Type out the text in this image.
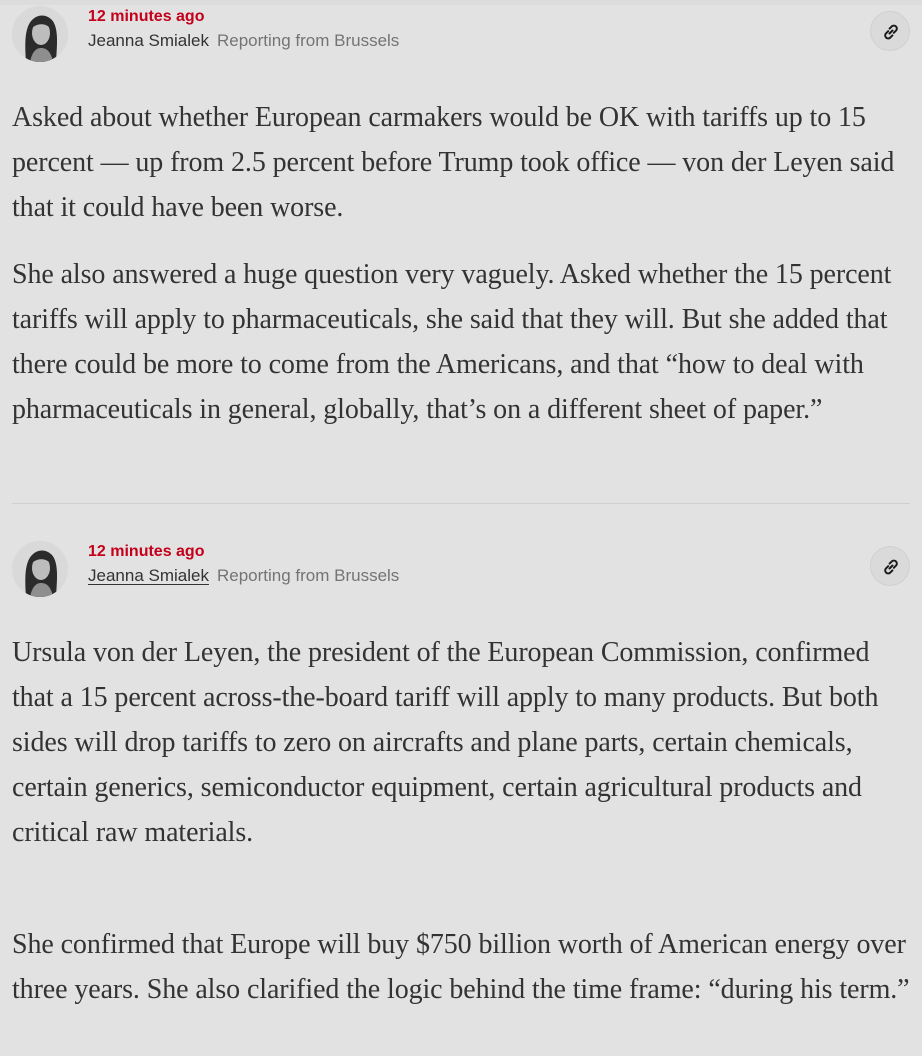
12 minutes ago
Jeanna Smialek Reporting from Brussels

Asked about whether European carmakers would be OK with tariffs up to 15 percent — up from 2.5 percent before Trump took office — von der Leyen said that it could have been worse.

She also answered a huge question very vaguely. Asked whether the 15 percent tariffs will apply to pharmaceuticals, she said that they will. But she added that there could be more to come from the Americans, and that “how to deal with pharmaceuticals in general, globally, that’s on a different sheet of paper.”

12 minutes ago
Jeanna Smialek Reporting from Brussels

Ursula von der Leyen, the president of the European Commission, confirmed that a 15 percent across-the-board tariff will apply to many products. But both sides will drop tariffs to zero on aircrafts and plane parts, certain chemicals, certain generics, semiconductor equipment, certain agricultural products and critical raw materials.

She confirmed that Europe will buy $750 billion worth of American energy over three years. She also clarified the logic behind the time frame: “during his term.”
